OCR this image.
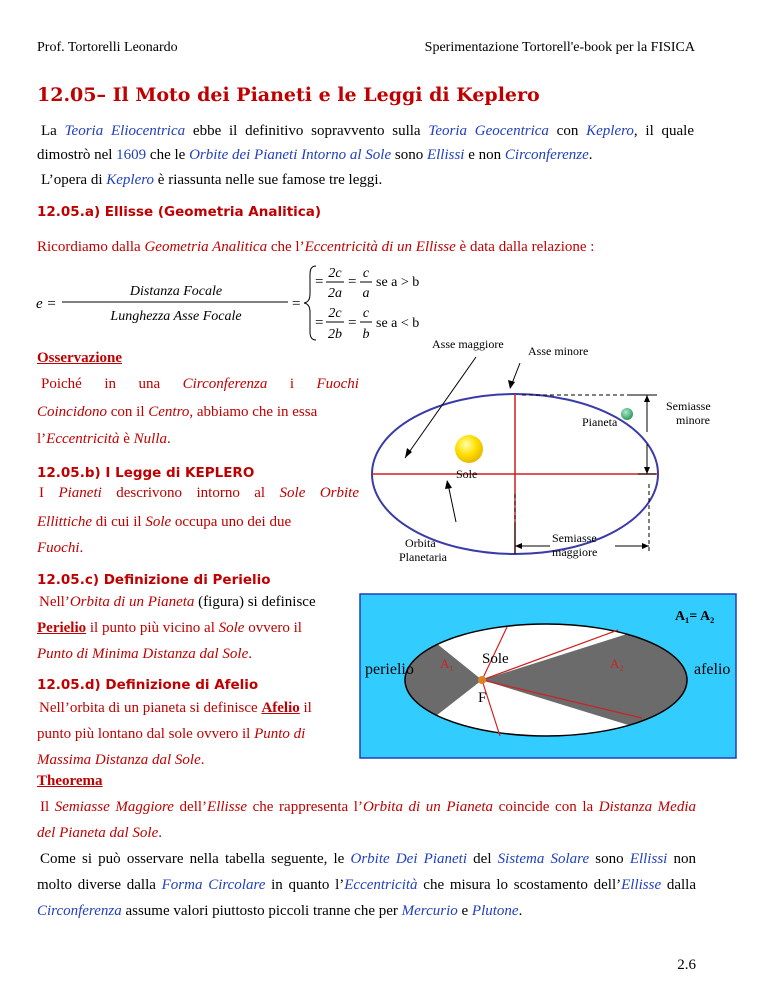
Prof. Tortorelli Leonardo	Sperimentazione Tortorell'e-book per la FISICA
12.05– Il Moto dei Pianeti e le Leggi di Keplero
La Teoria Eliocentrica ebbe il definitivo sopravvento sulla Teoria Geocentrica con Keplero, il quale
dimostrò nel 1609 che le Orbite dei Pianeti Intorno al Sole sono Ellissi e non Circonferenze.
L’opera di Keplero è riassunta nelle sue famose tre leggi.
12.05.a) Ellisse (Geometria Analitica)
Ricordiamo dalla Geometria Analitica che l’Eccentricità di un Ellisse è data dalla relazione :
e =
Distanza Focale
Lunghezza Asse Focale
=
=
2c
2a
=
c
a
se a > b
=
2c
2b
=
c
b
se a < b
Osservazione
Poiché in una Circonferenza i Fuochi
Coincidono con il Centro, abbiamo che in essa
l’Eccentricità è Nulla.
12.05.b) I Legge di KEPLERO
I Pianeti descrivono intorno al Sole Orbite
Ellittiche di cui il Sole occupa uno dei due
Fuochi.
12.05.c) Definizione di Perielio
Nell’Orbita di un Pianeta (figura) si definisce
Perielio il punto più vicino al Sole ovvero il
Punto di Minima Distanza dal Sole.
12.05.d) Definizione di Afelio
Nell’orbita di un pianeta si definisce Afelio il
punto più lontano dal sole ovvero il Punto di
Massima Distanza dal Sole.
Theorema
Il Semiasse Maggiore dell’Ellisse che rappresenta l’Orbita di un Pianeta coincide con la Distanza Media
del Pianeta dal Sole.
Come si può osservare nella tabella seguente, le Orbite Dei Pianeti del Sistema Solare sono Ellissi non
molto diverse dalla Forma Circolare in quanto l’Eccentricità che misura lo scostamento dell’Ellisse dalla
Circonferenza assume valori piuttosto piccoli tranne che per Mercurio e Plutone.
Asse maggiore Asse minore
Pianeta
Semiasse
minore
Sole
Orbita
Planetaria
Semiasse
maggiore
A₁= A₂
perielio A₁ Sole
F
A₂	afelio
2.6
